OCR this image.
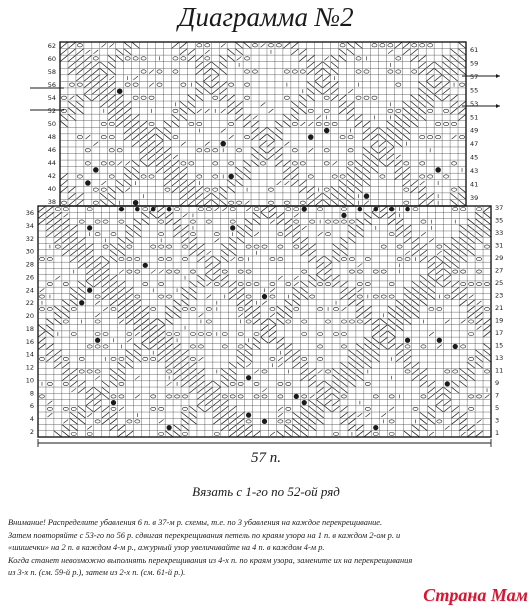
Диаграмма №2
36
34
32
30
28
26
24
22
20
18
16
14
12
10
8
6
4
2
37
35
33
31
29
27
25
23
21
19
17
15
13
11
9
7
5
3
1
62
60
58
56
54
52
50
48
46
44
42
40
38
61
59
57
55
53
51
49
47
45
43
41
39
57 п.
Вязать с 1-го по 52-ой ряд

Внимание! Распределите убавления 6 п. в 37-м р. схемы, т.е. по 3 убавления на каждое перекрещивание.

Затем повторяйте с 53-го по 56 р. сдвигая перекрещивания петель по краям узора на 1 п. в каждом 2-ом р. и

«шишечки» на 2 п. в каждом 4-м р., ажурный узор увеличивайте на 4 п. в каждом 4-м р.

Когда станет невозможно выполнять перекрещивания из 4-х п. по краям узора, замените их на перекрещивания

из 3-х п. (см. 59-й р.), затем из 2-х п. (см. 61-й р.).

Страна Мам
